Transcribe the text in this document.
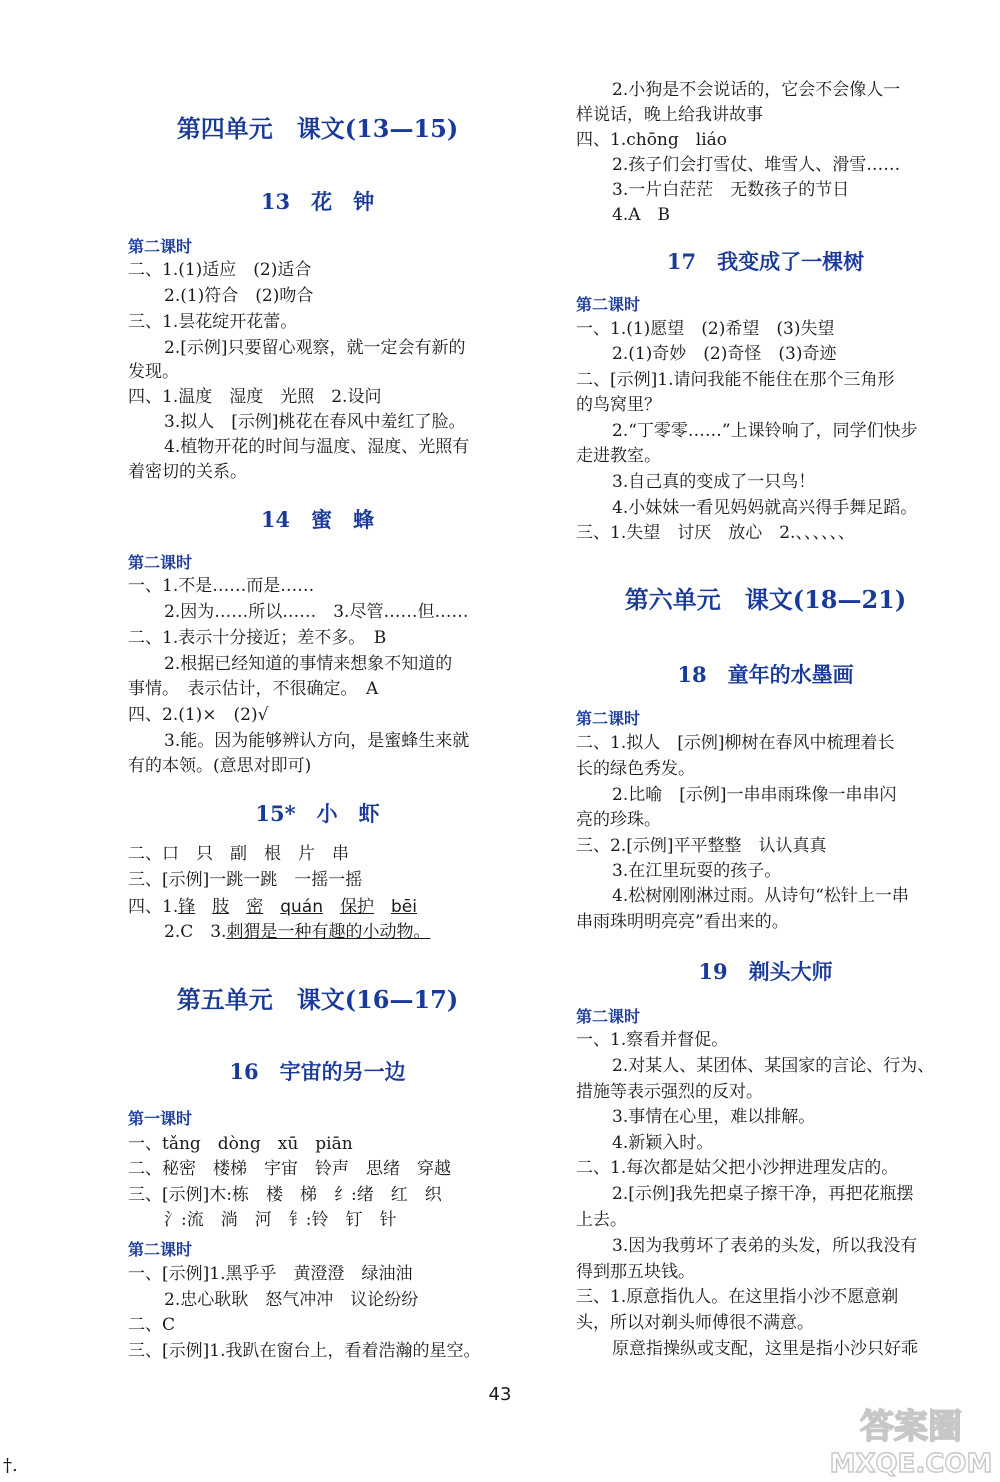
第四单元　课文(13—15)
13　花　钟
第二课时
二、1.(1)适应　(2)适合
2.(1)符合　(2)吻合
三、1.昙花绽开花蕾。
2.[示例]只要留心观察，就一定会有新的
发现。
四、1.温度　湿度　光照　2.设问
3.拟人　[示例]桃花在春风中羞红了脸。
4.植物开花的时间与温度、湿度、光照有
着密切的关系。
14　蜜　蜂
第二课时
一、1.不是……而是……
2.因为……所以……　3.尽管……但……
二、1.表示十分接近；差不多。　B
2.根据已经知道的事情来想象不知道的
事情。　表示估计，不很确定。　A
四、2.(1)×　(2)√
3.能。因为能够辨认方向，是蜜蜂生来就
有的本领。(意思对即可)
15*　小　虾
二、口　只　副　根　片　串
三、[示例]一跳一跳　一摇一摇
四、1.锋　 肢　 密　 quán　 保护　 bēi
2.C　3.刺猬是一种有趣的小动物。
第五单元　课文(16—17)
16　宇宙的另一边
第一课时
一、tǎng　dòng　xū　piān
二、秘密　楼梯　宇宙　铃声　思绪　穿越
三、[示例]木:栋　楼　梯　纟:绪　红　织
氵:流　淌　河　钅:铃　钉　针
第二课时
一、[示例]1.黑乎乎　黄澄澄　绿油油
2.忠心耿耿　怒气冲冲　议论纷纷
二、C
三、[示例]1.我趴在窗台上，看着浩瀚的星空。
2.小狗是不会说话的，它会不会像人一
样说话，晚上给我讲故事
四、1.chōng　liáo
2.孩子们会打雪仗、堆雪人、滑雪……
3.一片白茫茫　无数孩子的节日
4.A　B
17　我变成了一棵树
第二课时
一、1.(1)愿望　(2)希望　(3)失望
2.(1)奇妙　(2)奇怪　(3)奇迹
二、[示例]1.请问我能不能住在那个三角形
的鸟窝里？
2.“丁零零……”上课铃响了，同学们快步
走进教室。
3.自己真的变成了一只鸟！
4.小妹妹一看见妈妈就高兴得手舞足蹈。
三、1.失望　讨厌　放心　2.、、、、、、
第六单元　课文(18—21)
18　童年的水墨画
第二课时
二、1.拟人　[示例]柳树在春风中梳理着长
长的绿色秀发。
2.比喻　[示例]一串串雨珠像一串串闪
亮的珍珠。
三、2.[示例]平平整整　认认真真
3.在江里玩耍的孩子。
4.松树刚刚淋过雨。从诗句“松针上一串
串雨珠明明亮亮”看出来的。
19　剃头大师
第二课时
一、1.察看并督促。
2.对某人、某团体、某国家的言论、行为、
措施等表示强烈的反对。
3.事情在心里，难以排解。
4.新颖入时。
二、1.每次都是姑父把小沙押进理发店的。
2.[示例]我先把桌子擦干净，再把花瓶摆
上去。
3.因为我剪坏了表弟的头发，所以我没有
得到那五块钱。
三、1.原意指仇人。在这里指小沙不愿意剃
头，所以对剃头师傅很不满意。
原意指操纵或支配，这里是指小沙只好乖
43
答案圈
MXQE.COM
†.
